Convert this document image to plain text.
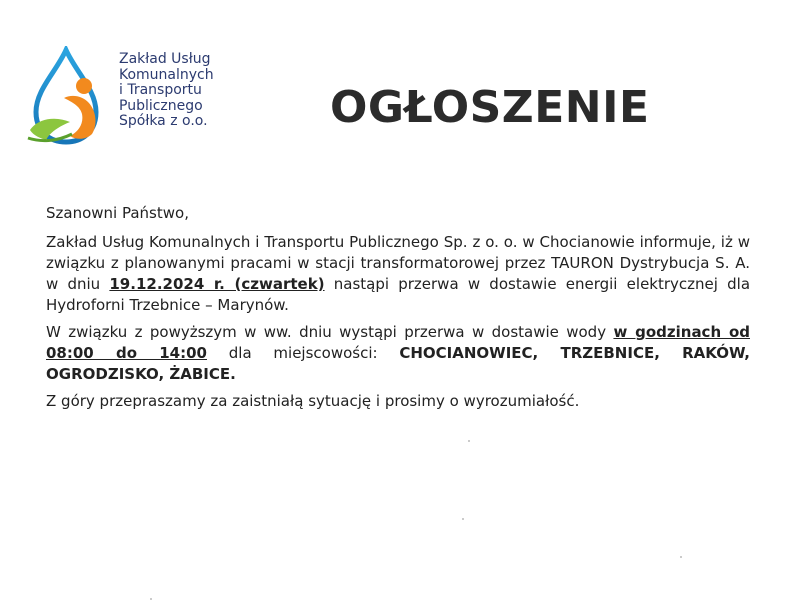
Zakład Usług
Komunalnych
i Transportu
Publicznego
Spółka z o.o.	OGŁOSZENIE

Szanowni Państwo,

Zakład Usług Komunalnych i Transportu Publicznego Sp. z o. o. w Chocianowie informuje, iż w związku z planowanymi pracami w stacji transformatorowej przez TAURON Dystrybucja S. A. w dniu 19.12.2024 r. (czwartek) nastąpi przerwa w dostawie energii elektrycznej dla Hydroforni Trzebnice – Marynów.

W związku z powyższym w ww. dniu wystąpi przerwa w dostawie wody w godzinach od 08:00 do 14:00 dla miejscowości: CHOCIANOWIEC, TRZEBNICE, RAKÓW, OGRODZISKO, ŻABICE.

Z góry przepraszamy za zaistniałą sytuację i prosimy o wyrozumiałość.
